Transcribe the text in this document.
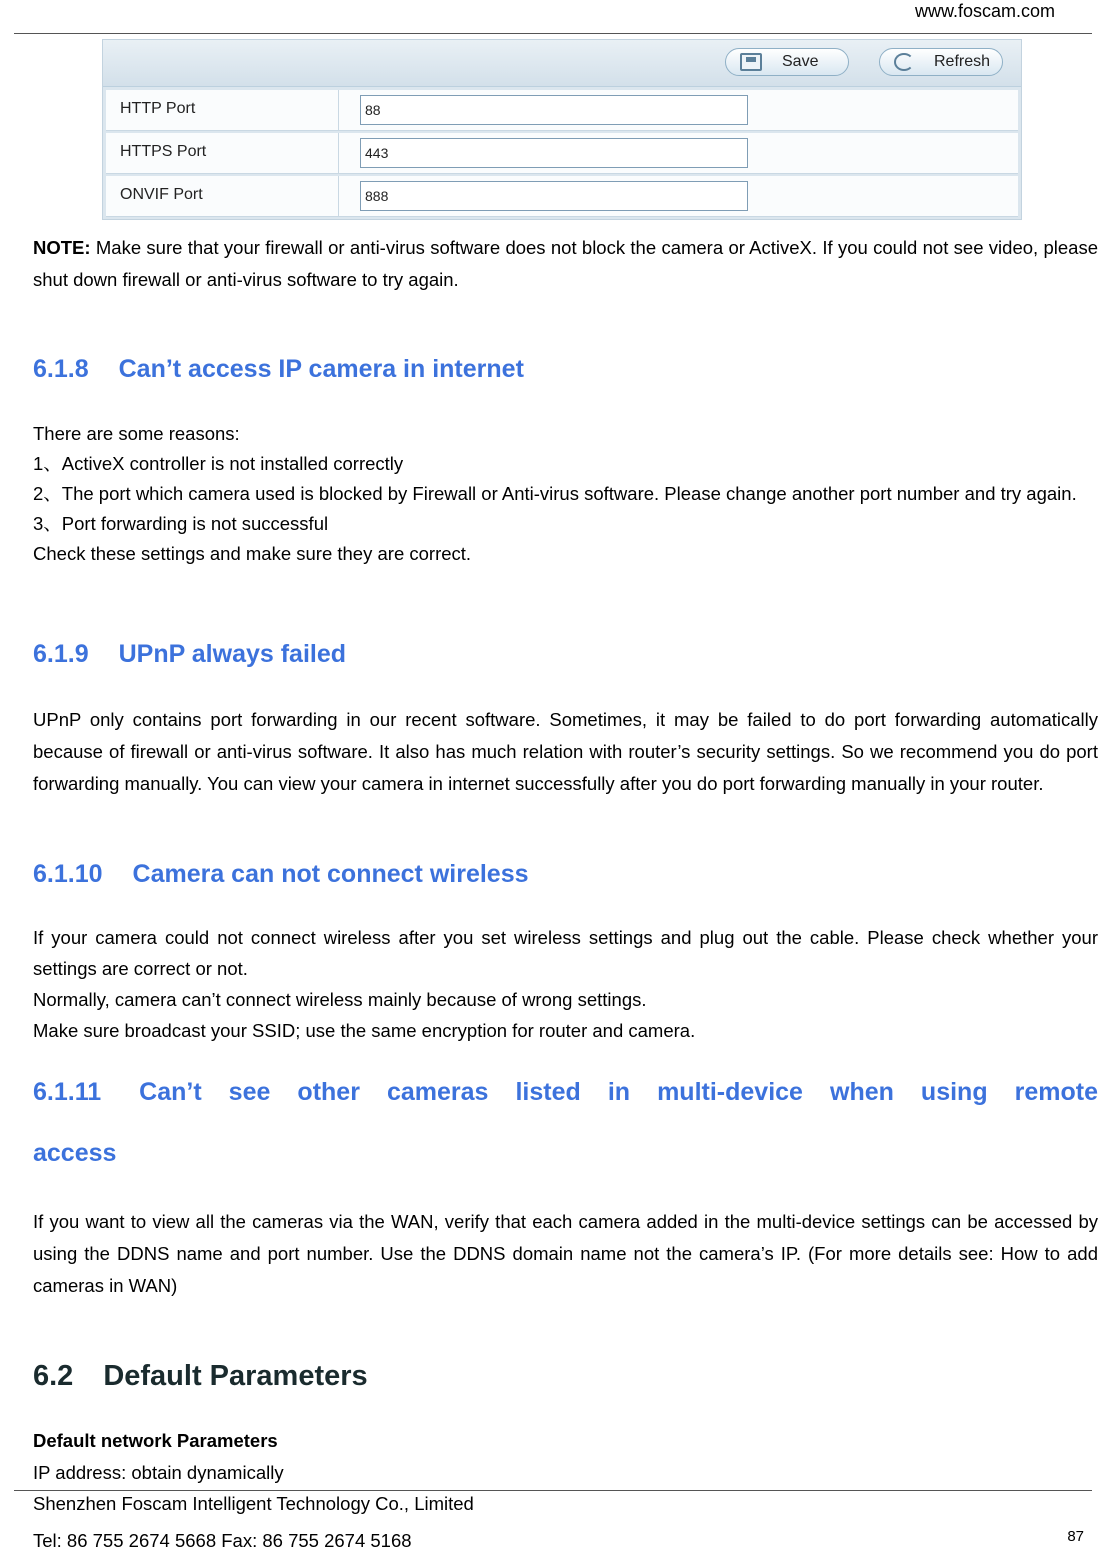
www.foscam.com
Save	Refresh
HTTP Port
88
HTTPS Port
443
ONVIF Port
888
NOTE: Make sure that your firewall or anti-virus software does not block the camera or ActiveX. If you could not see video, please shut down firewall or anti-virus software to try again.
6.1.8 Can’t access IP camera in internet
There are some reasons:
1、ActiveX controller is not installed correctly
2、The port which camera used is blocked by Firewall or Anti-virus software. Please change another port number and try again.
3、Port forwarding is not successful
Check these settings and make sure they are correct.
6.1.9 UPnP always failed
UPnP only contains port forwarding in our recent software. Sometimes, it may be failed to do port forwarding automatically because of firewall or anti-virus software. It also has much relation with router’s security settings. So we recommend you do port forwarding manually. You can view your camera in internet successfully after you do port forwarding manually in your router.
6.1.10 Camera can not connect wireless
If your camera could not connect wireless after you set wireless settings and plug out the cable. Please check whether your settings are correct or not.
Normally, camera can’t connect wireless mainly because of wrong settings.
Make sure broadcast your SSID; use the same encryption for router and camera.
6.1.11 Can’t see other cameras listed in multi-device when using remote
access
If you want to view all the cameras via the WAN, verify that each camera added in the multi-device settings can be accessed by using the DDNS name and port number. Use the DDNS domain name not the camera’s IP. (For more details see: How to add cameras in WAN)
6.2 Default Parameters
Default network Parameters
IP address: obtain dynamically
Shenzhen Foscam Intelligent Technology Co., Limited
Tel: 86 755 2674 5668 Fax: 86 755 2674 5168	87
